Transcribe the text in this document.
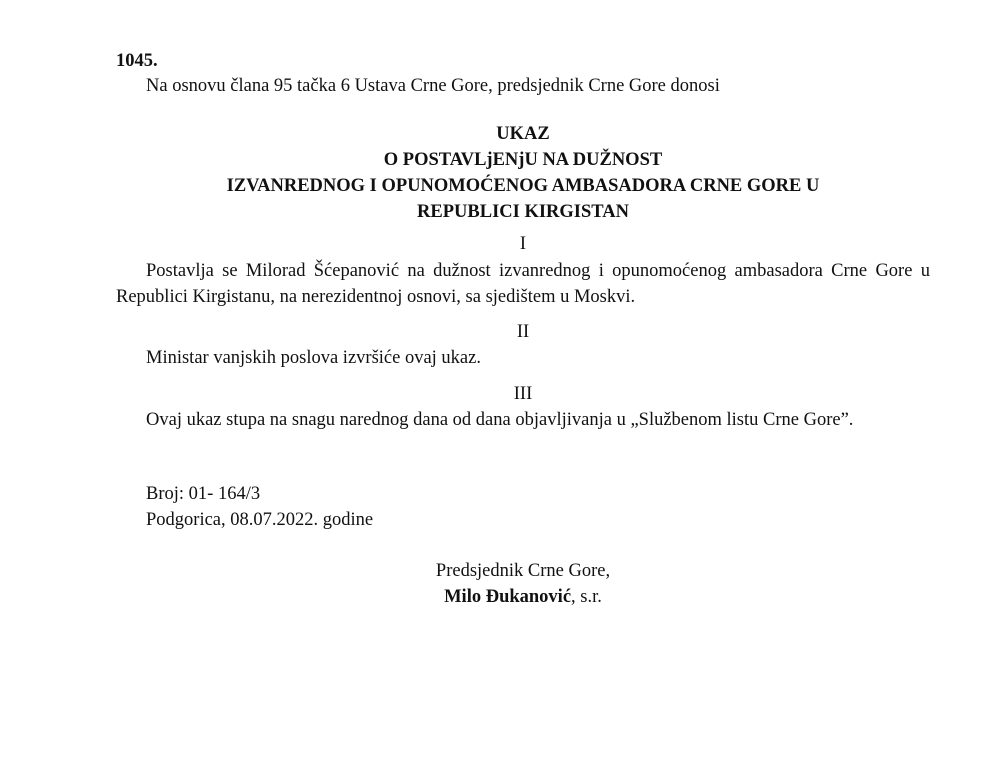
1045.
Na osnovu člana 95 tačka 6 Ustava Crne Gore, predsjednik Crne Gore donosi
UKAZ
O POSTAVLjENjU NA DUŽNOST
IZVANREDNOG I OPUNOMOĆENOG AMBASADORA CRNE GORE U
REPUBLICI KIRGISTAN
I
Postavlja se Milorad Šćepanović na dužnost izvanrednog i opunomoćenog ambasadora Crne Gore u Republici Kirgistanu, na nerezidentnoj osnovi, sa sjedištem u Moskvi.
II
Ministar vanjskih poslova izvršiće ovaj ukaz.
III
Ovaj ukaz stupa na snagu narednog dana od dana objavljivanja u „Službenom listu Crne Gore”.
Broj: 01- 164/3
Podgorica, 08.07.2022. godine
Predsjednik Crne Gore,
Milo Đukanović, s.r.
